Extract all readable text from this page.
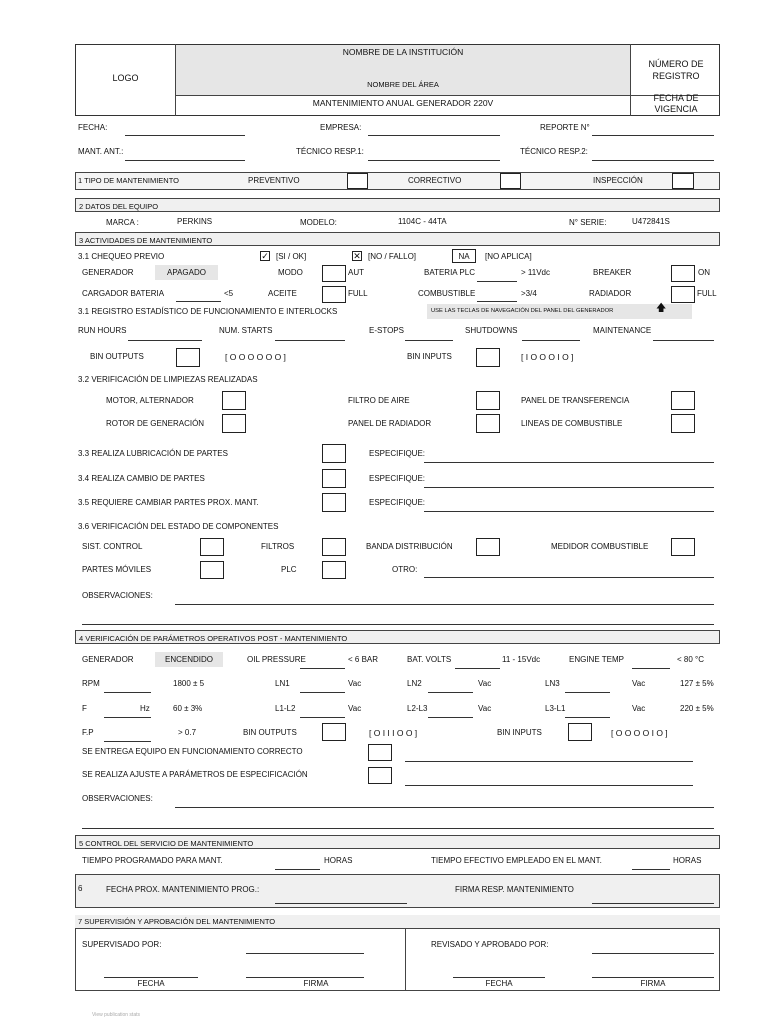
LOGO
NOMBRE DE LA INSTITUCIÓN
NOMBRE DEL ÁREA
MANTENIMIENTO ANUAL GENERADOR 220V
NÚMERO DE REGISTRO
FECHA DE VIGENCIA
FECHA:	EMPRESA:	REPORTE N°
MANT. ANT.:	TÉCNICO RESP.1:	TÉCNICO RESP.2:
1 TIPO DE MANTENIMIENTO	PREVENTIVO	CORRECTIVO	INSPECCIÓN
2 DATOS DEL EQUIPO
MARCA :	PERKINS	MODELO:	1104C - 44TA	N° SERIE:	U472841S
3 ACTIVIDADES DE MANTENIMIENTO
3.1 CHEQUEO PREVIO	✓ [SI / OK]	✕ [NO / FALLO]	NA	[NO APLICA]
GENERADOR	APAGADO	MODO	AUT	BATERIA PLC	> 11Vdc	BREAKER	ON
CARGADOR BATERIA	<5	ACEITE	FULL	COMBUSTIBLE	>3/4	RADIADOR	FULL
3.1 REGISTRO ESTADÍSTICO DE FUNCIONAMIENTO E INTERLOCKS	USE LAS TECLAS DE NAVEGACIÓN DEL PANEL DEL GENERADOR	🡅
RUN HOURS	NUM. STARTS	E-STOPS	SHUTDOWNS	MAINTENANCE
BIN OUTPUTS	[ O O O O O O ]	BIN INPUTS	[ I O O O I O ]
3.2 VERIFICACIÓN DE LIMPIEZAS REALIZADAS
MOTOR, ALTERNADOR	FILTRO DE AIRE	PANEL DE TRANSFERENCIA
ROTOR DE GENERACIÓN	PANEL DE RADIADOR	LINEAS DE COMBUSTIBLE
3.3 REALIZA LUBRICACIÓN DE PARTES	ESPECIFIQUE:
3.4 REALIZA CAMBIO DE PARTES	ESPECIFIQUE:
3.5 REQUIERE CAMBIAR PARTES PROX. MANT.	ESPECIFIQUE:
3.6 VERIFICACIÓN DEL ESTADO DE COMPONENTES
SIST. CONTROL	FILTROS	BANDA DISTRIBUCIÓN	MEDIDOR COMBUSTIBLE
PARTES MÓVILES	PLC	OTRO:
OBSERVACIONES:
4 VERIFICACIÓN DE PARÁMETROS OPERATIVOS POST - MANTENIMIENTO
GENERADOR	ENCENDIDO	OIL PRESSURE	< 6 BAR	BAT. VOLTS	11 - 15Vdc	ENGINE TEMP	< 80 °C
RPM	1800 ± 5	LN1	Vac	LN2	Vac	LN3	Vac	127 ± 5%
F	Hz	60 ± 3%	L1-L2	Vac	L2-L3	Vac	L3-L1	Vac	220 ± 5%
F.P	> 0.7	BIN OUTPUTS	[ O I I I O O ]	BIN INPUTS	[ O O O O I O ]
SE ENTREGA EQUIPO EN FUNCIONAMIENTO CORRECTO
SE REALIZA AJUSTE A PARÁMETROS DE ESPECIFICACIÓN
OBSERVACIONES:
5 CONTROL DEL SERVICIO DE MANTENIMIENTO
TIEMPO PROGRAMADO PARA MANT.	HORAS	TIEMPO EFECTIVO EMPLEADO EN EL MANT.	HORAS
6	FECHA PROX. MANTENIMIENTO PROG.:	FIRMA RESP. MANTENIMIENTO
7 SUPERVISIÓN Y APROBACIÓN DEL MANTENIMIENTO
SUPERVISADO POR:
FECHA	FIRMA
REVISADO Y APROBADO POR:
FECHA	FIRMA
View publication stats
